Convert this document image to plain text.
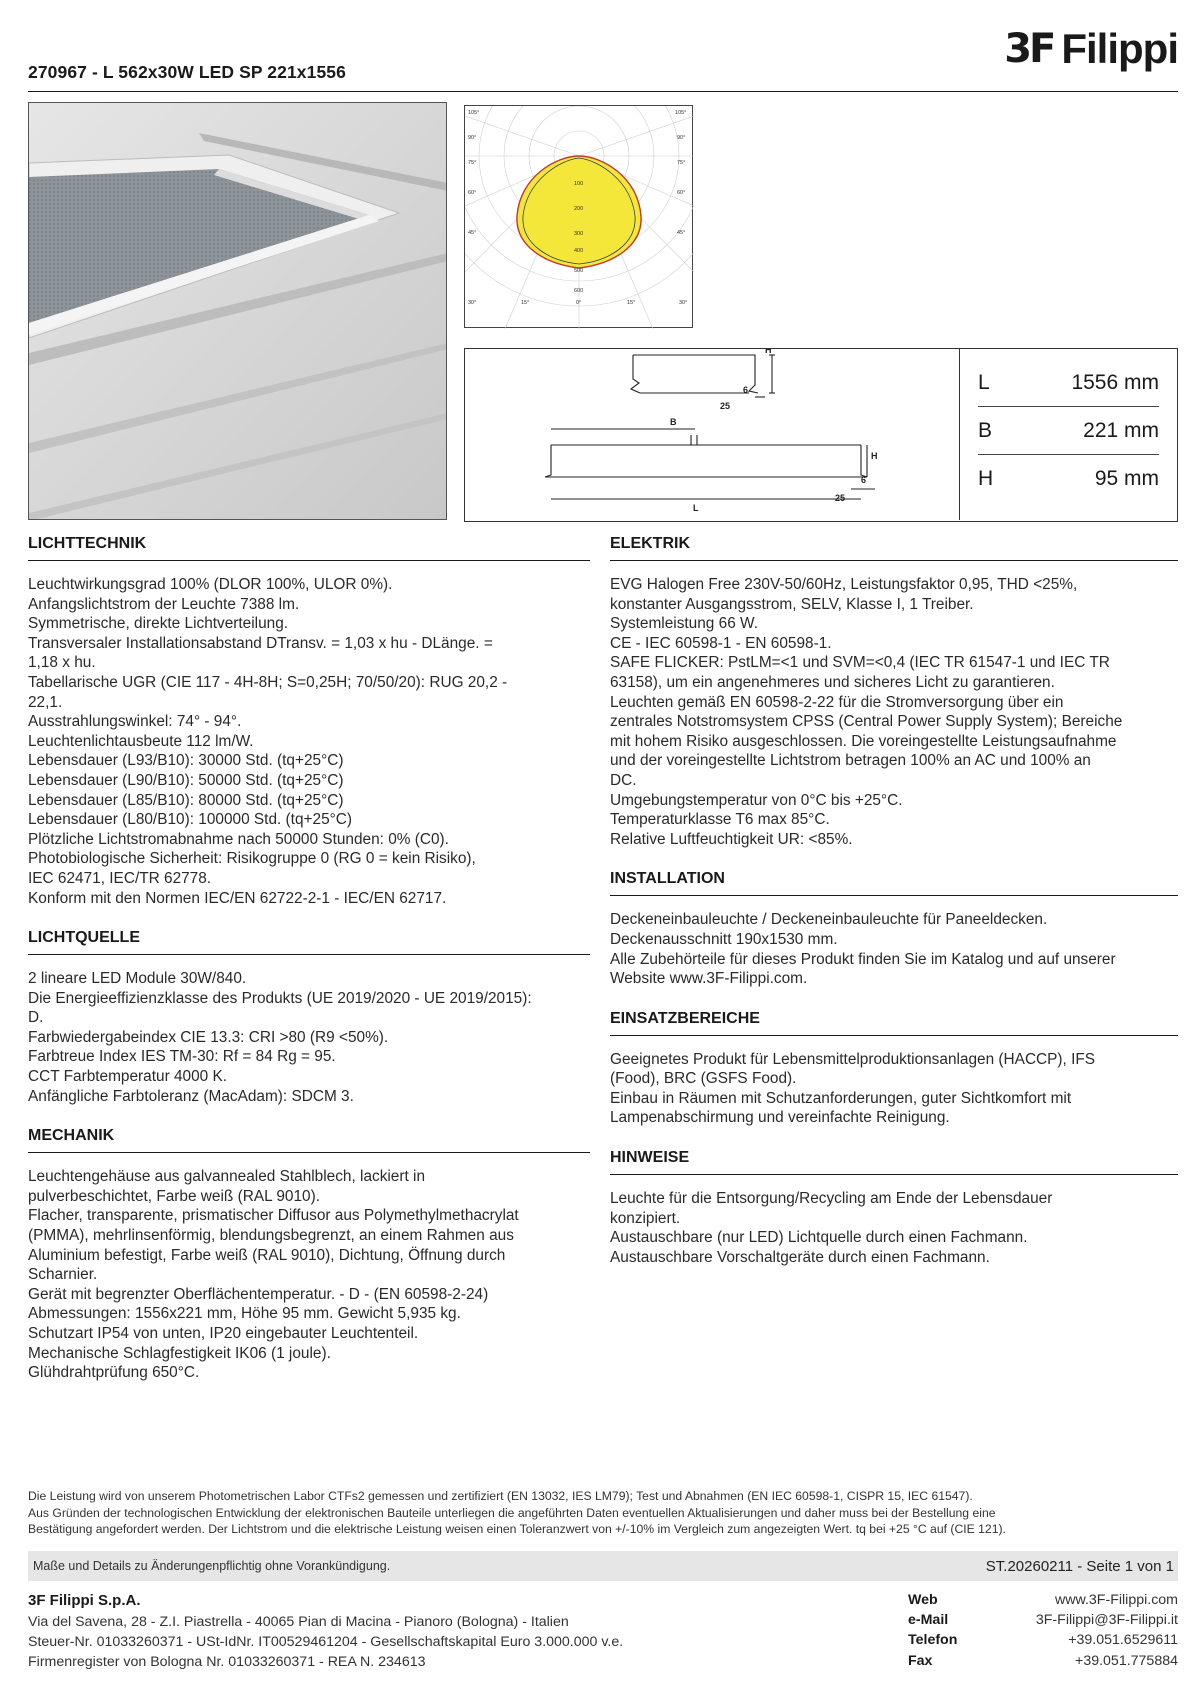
270967 - L 562x30W LED SP 221x1556	3F Filippi
105°
90°
75°
60°
45°
105°
90°
75°
60°
45°
30°	15°	0°	15°	30°
100
200
300
400
500
600
H
6
25
B
H
6
25
L
L	1556 mm
B	221 mm
H	95 mm
LICHTTECHNIK
Leuchtwirkungsgrad 100% (DLOR 100%, ULOR 0%).
Anfangslichtstrom der Leuchte 7388 lm.
Symmetrische, direkte Lichtverteilung.
Transversaler Installationsabstand DTransv. = 1,03 x hu - DLänge. =
1,18 x hu.
Tabellarische UGR (CIE 117 - 4H-8H; S=0,25H; 70/50/20): RUG 20,2 -
22,1.
Ausstrahlungswinkel: 74° - 94°.
Leuchtenlichtausbeute 112 lm/W.
Lebensdauer (L93/B10): 30000 Std. (tq+25°C)
Lebensdauer (L90/B10): 50000 Std. (tq+25°C)
Lebensdauer (L85/B10): 80000 Std. (tq+25°C)
Lebensdauer (L80/B10): 100000 Std. (tq+25°C)
Plötzliche Lichtstromabnahme nach 50000 Stunden: 0% (C0).
Photobiologische Sicherheit: Risikogruppe 0 (RG 0 = kein Risiko),
IEC 62471, IEC/TR 62778.
Konform mit den Normen IEC/EN 62722-2-1 - IEC/EN 62717.
LICHTQUELLE
2 lineare LED Module 30W/840.
Die Energieeffizienzklasse des Produkts (UE 2019/2020 - UE 2019/2015):
D.
Farbwiedergabeindex CIE 13.3: CRI >80 (R9 <50%).
Farbtreue Index IES TM-30: Rf = 84 Rg = 95.
CCT Farbtemperatur 4000 K.
Anfängliche Farbtoleranz (MacAdam): SDCM 3.
MECHANIK
Leuchtengehäuse aus galvannealed Stahlblech, lackiert in
pulverbeschichtet, Farbe weiß (RAL 9010).
Flacher, transparente, prismatischer Diffusor aus Polymethylmethacrylat
(PMMA), mehrlinsenförmig, blendungsbegrenzt, an einem Rahmen aus
Aluminium befestigt, Farbe weiß (RAL 9010), Dichtung, Öffnung durch
Scharnier.
Gerät mit begrenzter Oberflächentemperatur. - D - (EN 60598-2-24)
Abmessungen: 1556x221 mm, Höhe 95 mm. Gewicht 5,935 kg.
Schutzart IP54 von unten, IP20 eingebauter Leuchtenteil.
Mechanische Schlagfestigkeit IK06 (1 joule).
Glühdrahtprüfung 650°C.
ELEKTRIK
EVG Halogen Free 230V-50/60Hz, Leistungsfaktor 0,95, THD <25%,
konstanter Ausgangsstrom, SELV, Klasse I, 1 Treiber.
Systemleistung 66 W.
CE - IEC 60598-1 - EN 60598-1.
SAFE FLICKER: PstLM=<1 und SVM=<0,4 (IEC TR 61547-1 und IEC TR
63158), um ein angenehmeres und sicheres Licht zu garantieren.
Leuchten gemäß EN 60598-2-22 für die Stromversorgung über ein
zentrales Notstromsystem CPSS (Central Power Supply System); Bereiche
mit hohem Risiko ausgeschlossen. Die voreingestellte Leistungsaufnahme
und der voreingestellte Lichtstrom betragen 100% an AC und 100% an
DC.
Umgebungstemperatur von 0°C bis +25°C.
Temperaturklasse T6 max 85°C.
Relative Luftfeuchtigkeit UR: <85%.
INSTALLATION
Deckeneinbauleuchte / Deckeneinbauleuchte für Paneeldecken.
Deckenausschnitt 190x1530 mm.
Alle Zubehörteile für dieses Produkt finden Sie im Katalog und auf unserer
Website www.3F-Filippi.com.
EINSATZBEREICHE
Geeignetes Produkt für Lebensmittelproduktionsanlagen (HACCP), IFS
(Food), BRC (GSFS Food).
Einbau in Räumen mit Schutzanforderungen, guter Sichtkomfort mit
Lampenabschirmung und vereinfachte Reinigung.
HINWEISE
Leuchte für die Entsorgung/Recycling am Ende der Lebensdauer
konzipiert.
Austauschbare (nur LED) Lichtquelle durch einen Fachmann.
Austauschbare Vorschaltgeräte durch einen Fachmann.
Die Leistung wird von unserem Photometrischen Labor CTFs2 gemessen und zertifiziert (EN 13032, IES LM79); Test und Abnahmen (EN IEC 60598-1, CISPR 15, IEC 61547).
Aus Gründen der technologischen Entwicklung der elektronischen Bauteile unterliegen die angeführten Daten eventuellen Aktualisierungen und daher muss bei der Bestellung eine
Bestätigung angefordert werden. Der Lichtstrom und die elektrische Leistung weisen einen Toleranzwert von +/-10% im Vergleich zum angezeigten Wert. tq bei +25 °C auf (CIE 121).
Maße und Details zu Änderungenpflichtig ohne Vorankündigung.	ST.20260211 - Seite 1 von 1
3F Filippi S.p.A.
Via del Savena, 28 - Z.I. Piastrella - 40065 Pian di Macina - Pianoro (Bologna) - Italien
Steuer-Nr. 01033260371 - USt-IdNr. IT00529461204 - Gesellschaftskapital Euro 3.000.000 v.e.
Firmenregister von Bologna Nr. 01033260371 - REA N. 234613
Web	www.3F-Filippi.com
e-Mail	3F-Filippi@3F-Filippi.it
Telefon	+39.051.6529611
Fax	+39.051.775884
